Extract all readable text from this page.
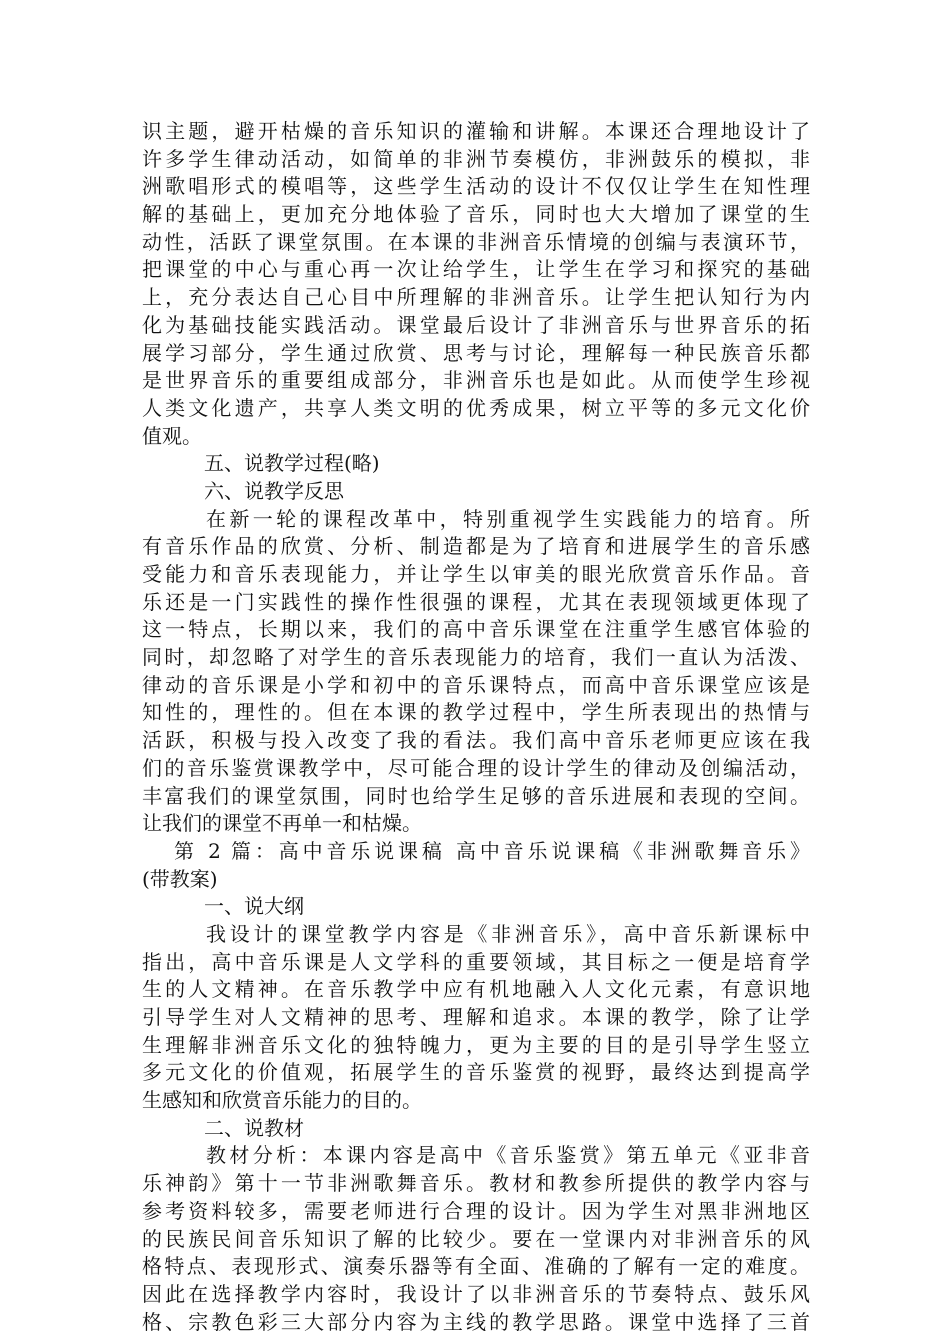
识主题，避开枯燥的音乐知识的灌输和讲解。本课还合理地设计了
许多学生律动活动，如简单的非洲节奏模仿，非洲鼓乐的模拟，非
洲歌唱形式的模唱等，这些学生活动的设计不仅仅让学生在知性理
解的基础上，更加充分地体验了音乐，同时也大大增加了课堂的生
动性，活跃了课堂氛围。在本课的非洲音乐情境的创编与表演环节，
把课堂的中心与重心再一次让给学生，让学生在学习和探究的基础
上，充分表达自己心目中所理解的非洲音乐。让学生把认知行为内
化为基础技能实践活动。课堂最后设计了非洲音乐与世界音乐的拓
展学习部分，学生通过欣赏、思考与讨论，理解每一种民族音乐都
是世界音乐的重要组成部分，非洲音乐也是如此。从而使学生珍视
人类文化遗产，共享人类文明的优秀成果，树立平等的多元文化价
值观。
五、说教学过程(略)
六、说教学反思
在新一轮的课程改革中，特别重视学生实践能力的培育。所
有音乐作品的欣赏、分析、制造都是为了培育和进展学生的音乐感
受能力和音乐表现能力，并让学生以审美的眼光欣赏音乐作品。音
乐还是一门实践性的操作性很强的课程，尤其在表现领域更体现了
这一特点，长期以来，我们的高中音乐课堂在注重学生感官体验的
同时，却忽略了对学生的音乐表现能力的培育，我们一直认为活泼、
律动的音乐课是小学和初中的音乐课特点，而高中音乐课堂应该是
知性的，理性的。但在本课的教学过程中，学生所表现出的热情与
活跃，积极与投入改变了我的看法。我们高中音乐老师更应该在我
们的音乐鉴赏课教学中，尽可能合理的设计学生的律动及创编活动，
丰富我们的课堂氛围，同时也给学生足够的音乐进展和表现的空间。
让我们的课堂不再单一和枯燥。
第 2 篇：高中音乐说课稿 高中音乐说课稿《非洲歌舞音乐》
(带教案)
一、说大纲
我设计的课堂教学内容是《非洲音乐》，高中音乐新课标中
指出，高中音乐课是人文学科的重要领域，其目标之一便是培育学
生的人文精神。在音乐教学中应有机地融入人文化元素，有意识地
引导学生对人文精神的思考、理解和追求。本课的教学，除了让学
生理解非洲音乐文化的独特魄力，更为主要的目的是引导学生竖立
多元文化的价值观，拓展学生的音乐鉴赏的视野，最终达到提高学
生感知和欣赏音乐能力的目的。
二、说教材
教材分析：本课内容是高中《音乐鉴赏》第五单元《亚非音
乐神韵》第十一节非洲歌舞音乐。教材和教参所提供的教学内容与
参考资料较多，需要老师进行合理的设计。因为学生对黑非洲地区
的民族民间音乐知识了解的比较少。要在一堂课内对非洲音乐的风
格特点、表现形式、演奏乐器等有全面、准确的了解有一定的难度。
因此在选择教学内容时，我设计了以非洲音乐的节奏特点、鼓乐风
格、宗教色彩三大部分内容为主线的教学思路。课堂中选择了三首
